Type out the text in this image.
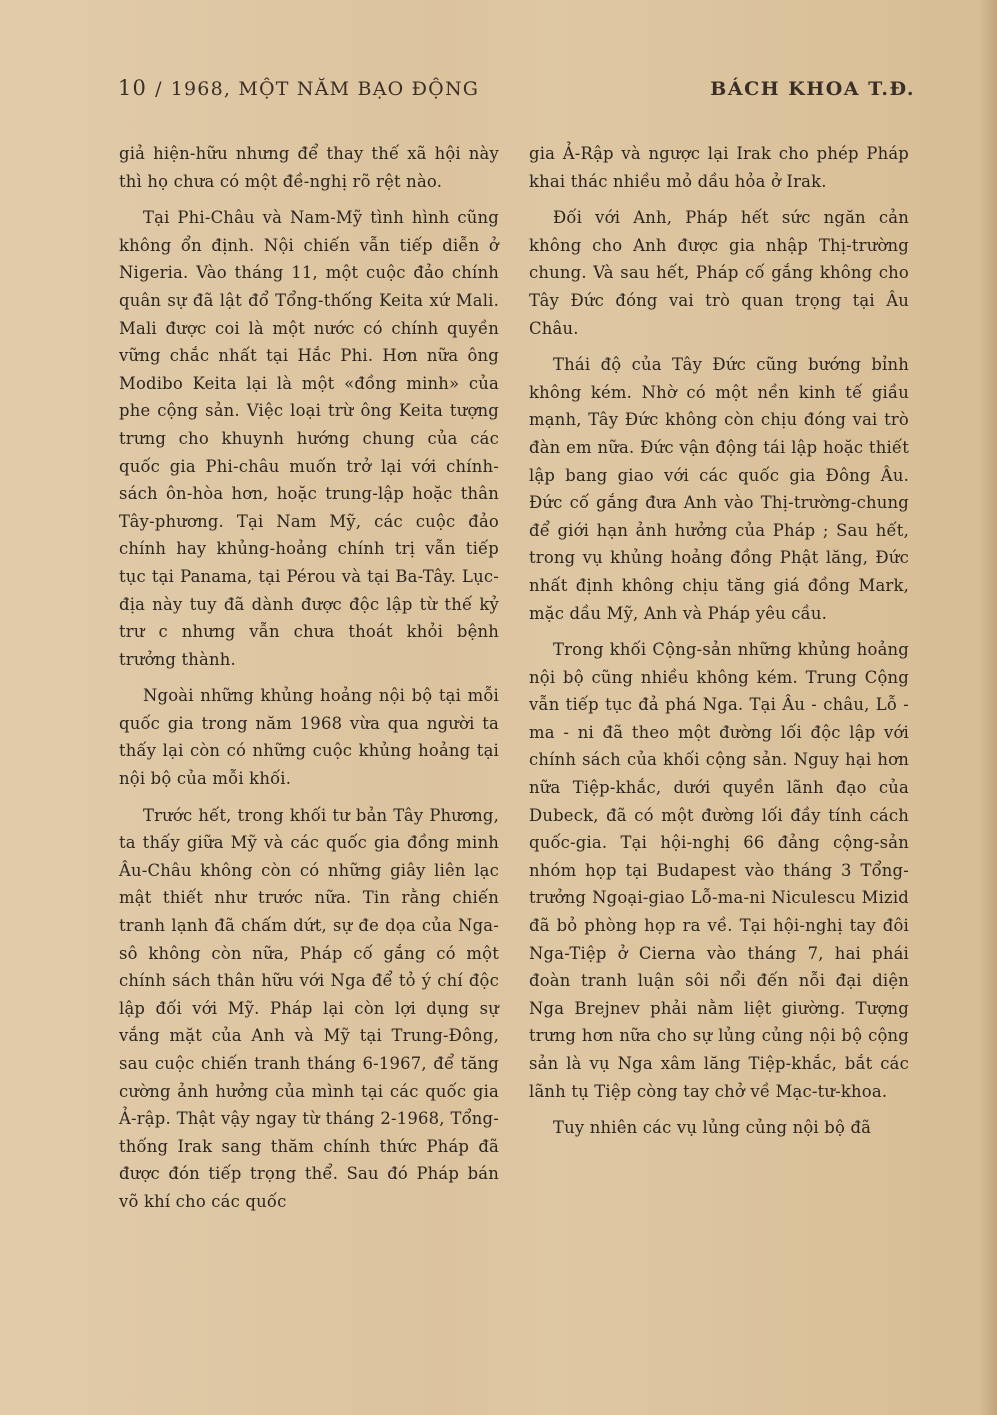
10 / 1968, MỘT NĂM BẠO ĐỘNG	BÁCH KHOA T.Đ.

giả hiện-hữu nhưng để thay thế xã hội này thì họ chưa có một đề-nghị rõ rệt nào.

Tại Phi-Châu và Nam-Mỹ tình hình cũng không ổn định. Nội chiến vẫn tiếp diễn ở Nigeria. Vào tháng 11, một cuộc đảo chính quân sự đã lật đổ Tổng-thống Keita xứ Mali. Mali được coi là một nước có chính quyền vững chắc nhất tại Hắc Phi. Hơn nữa ông Modibo Keita lại là một «đồng minh» của phe cộng sản. Việc loại trừ ông Keita tượng trưng cho khuynh hướng chung của các quốc gia Phi-châu muốn trở lại với chính-sách ôn-hòa hơn, hoặc trung-lập hoặc thân Tây-phương. Tại Nam Mỹ, các cuộc đảo chính hay khủng-hoảng chính trị vẫn tiếp tục tại Panama, tại Pérou và tại Ba-Tây. Lục-địa này tuy đã dành được độc lập từ thế kỷ trư c nhưng vẫn chưa thoát khỏi bệnh trưởng thành.

Ngoài những khủng hoảng nội bộ tại mỗi quốc gia trong năm 1968 vừa qua người ta thấy lại còn có những cuộc khủng hoảng tại nội bộ của mỗi khối.

Trước hết, trong khối tư bản Tây Phương, ta thấy giữa Mỹ và các quốc gia đồng minh Âu-Châu không còn có những giây liên lạc mật thiết như trước nữa. Tin rằng chiến tranh lạnh đã chấm dứt, sự đe dọa của Nga-sô không còn nữa, Pháp cố gắng có một chính sách thân hữu với Nga để tỏ ý chí độc lập đối với Mỹ. Pháp lại còn lợi dụng sự vắng mặt của Anh và Mỹ tại Trung-Đông, sau cuộc chiến tranh tháng 6-1967, để tăng cường ảnh hưởng của mình tại các quốc gia Ả-rập. Thật vậy ngay từ tháng 2-1968, Tổng-thống Irak sang thăm chính thức Pháp đã được đón tiếp trọng thể. Sau đó Pháp bán võ khí cho các quốc

gia Ả-Rập và ngược lại Irak cho phép Pháp khai thác nhiều mỏ dầu hỏa ở Irak.

Đối với Anh, Pháp hết sức ngăn cản không cho Anh được gia nhập Thị-trường chung. Và sau hết, Pháp cố gắng không cho Tây Đức đóng vai trò quan trọng tại Âu Châu.

Thái độ của Tây Đức cũng bướng bỉnh không kém. Nhờ có một nền kinh tế giầu mạnh, Tây Đức không còn chịu đóng vai trò đàn em nữa. Đức vận động tái lập hoặc thiết lập bang giao với các quốc gia Đông Âu. Đức cố gắng đưa Anh vào Thị-trường-chung để giới hạn ảnh hưởng của Pháp ; Sau hết, trong vụ khủng hoảng đồng Phật lăng, Đức nhất định không chịu tăng giá đồng Mark, mặc dầu Mỹ, Anh và Pháp yêu cầu.

Trong khối Cộng-sản những khủng hoảng nội bộ cũng nhiều không kém. Trung Cộng vẫn tiếp tục đả phá Nga. Tại Âu - châu, Lỗ - ma - ni đã theo một đường lối độc lập với chính sách của khối cộng sản. Nguy hại hơn nữa Tiệp-khắc, dưới quyền lãnh đạo của Dubeck, đã có một đường lối đầy tính cách quốc-gia. Tại hội-nghị 66 đảng cộng-sản nhóm họp tại Budapest vào tháng 3 Tổng-trưởng Ngoại-giao Lỗ-ma-ni Niculescu Mizid đã bỏ phòng họp ra về. Tại hội-nghị tay đôi Nga-Tiệp ở Cierna vào tháng 7, hai phái đoàn tranh luận sôi nổi đến nỗi đại diện Nga Brejnev phải nằm liệt giường. Tượng trưng hơn nữa cho sự lủng củng nội bộ cộng sản là vụ Nga xâm lăng Tiệp-khắc, bắt các lãnh tụ Tiệp còng tay chở về Mạc-tư-khoa.

Tuy nhiên các vụ lủng củng nội bộ đã
